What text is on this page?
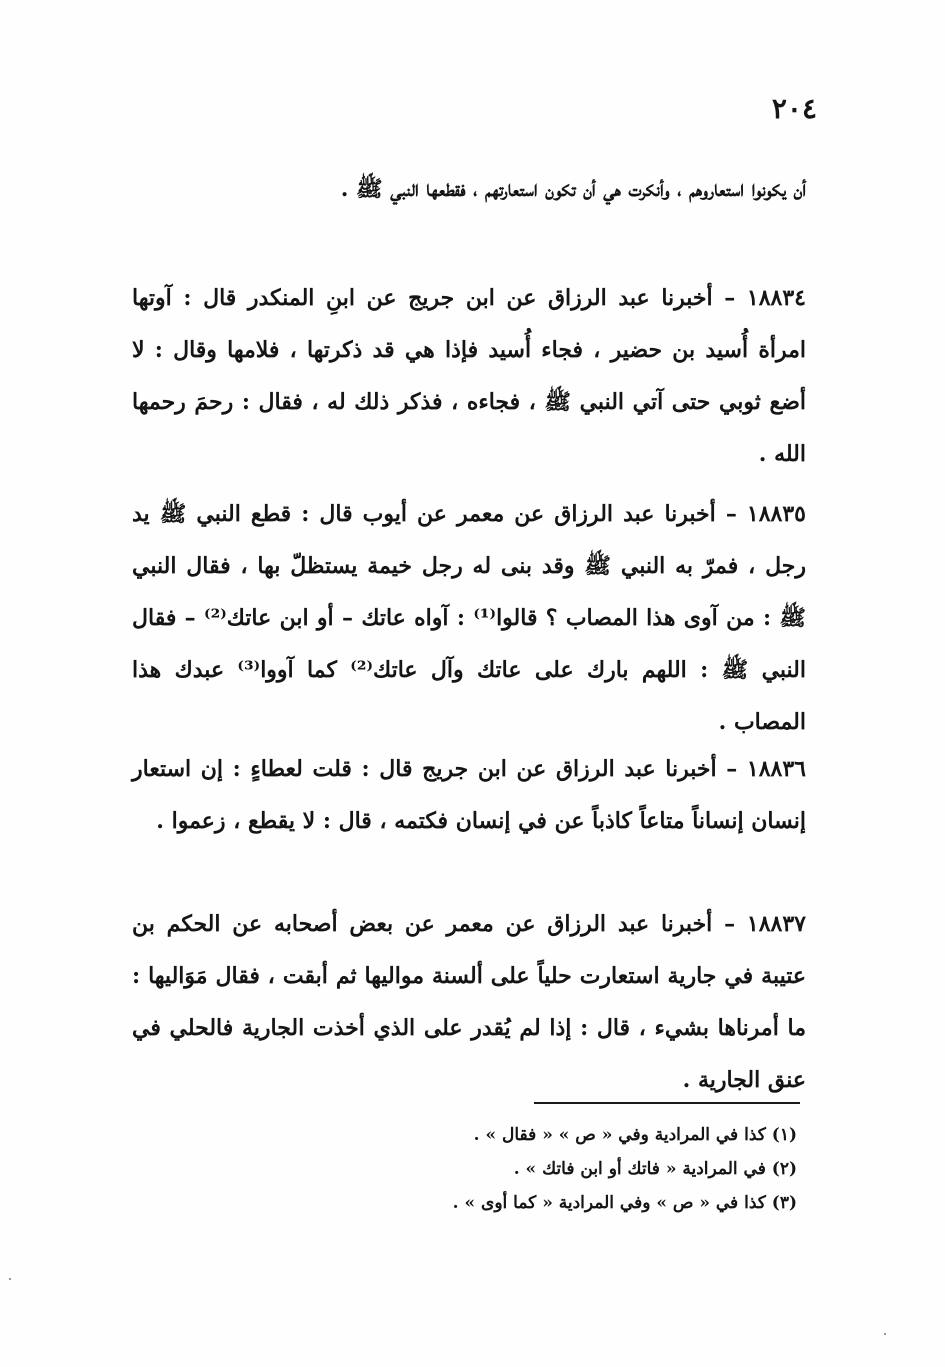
٢٠٤

أن يكونوا استعاروهم ، وأنكرت هي أن تكون استعارتهم ، فقطعها النبي ﷺ .

١٨٨٣٤ – أخبرنا عبد الرزاق عن ابن جريج عن ابنِ المنكدر قال : آوتها امرأة أُسيد بن حضير ، فجاء أُسيد فإذا هي قد ذكرتها ، فلامها وقال : لا أضع ثوبي حتى آتي النبي ﷺ ، فجاءه ، فذكر ذلك له ، فقال : رحمَ رحمها الله .

١٨٨٣٥ – أخبرنا عبد الرزاق عن معمر عن أيوب قال : قطع النبي ﷺ يد رجل ، فمرّ به النبي ﷺ وقد بنى له رجل خيمة يستظلّ بها ، فقال النبي ﷺ : من آوى هذا المصاب ؟ قالوا⁽¹⁾ : آواه عاتك – أو ابن عاتك⁽²⁾ – فقال النبي ﷺ : اللهم بارك على عاتك وآل عاتك⁽²⁾ كما آووا⁽³⁾ عبدك هذا المصاب .

١٨٨٣٦ – أخبرنا عبد الرزاق عن ابن جريج قال : قلت لعطاءٍ : إن استعار إنسان إنساناً متاعاً كاذباً عن في إنسان فكتمه ، قال : لا يقطع ، زعموا .

١٨٨٣٧ – أخبرنا عبد الرزاق عن معمر عن بعض أصحابه عن الحكم بن عتيبة في جارية استعارت حلياً على ألسنة مواليها ثم أبقت ، فقال مَوَاليها : ما أمرناها بشيء ، قال : إذا لم يُقدر على الذي أخذت الجارية فالحلي في عنق الجارية .

(١) كذا في المرادية وفي « ص » « فقال » .

(٢) في المرادية « فاتك أو ابن فاتك » .

(٣) كذا في « ص » وفي المرادية « كما أوى » .
